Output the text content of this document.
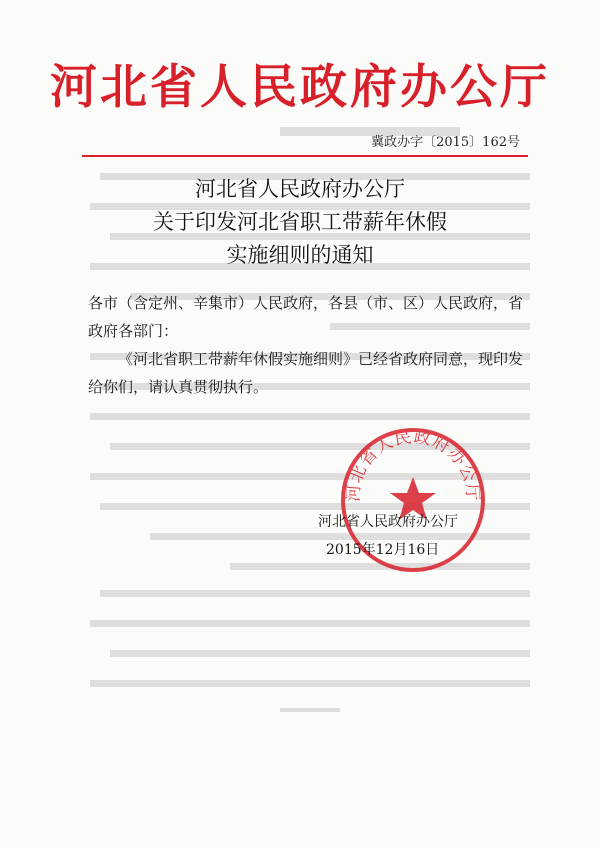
河北省人民政府办公厅
冀政办字〔2015〕162号
河北省人民政府办公厅
关于印发河北省职工带薪年休假
实施细则的通知

各市（含定州、辛集市）人民政府，各县（市、区）人民政府，省政府各部门：

《河北省职工带薪年休假实施细则》已经省政府同意，现印发给你们，请认真贯彻执行。

河北省人民政府办公厅
河北省人民政府办公厅
2015年12月16日
